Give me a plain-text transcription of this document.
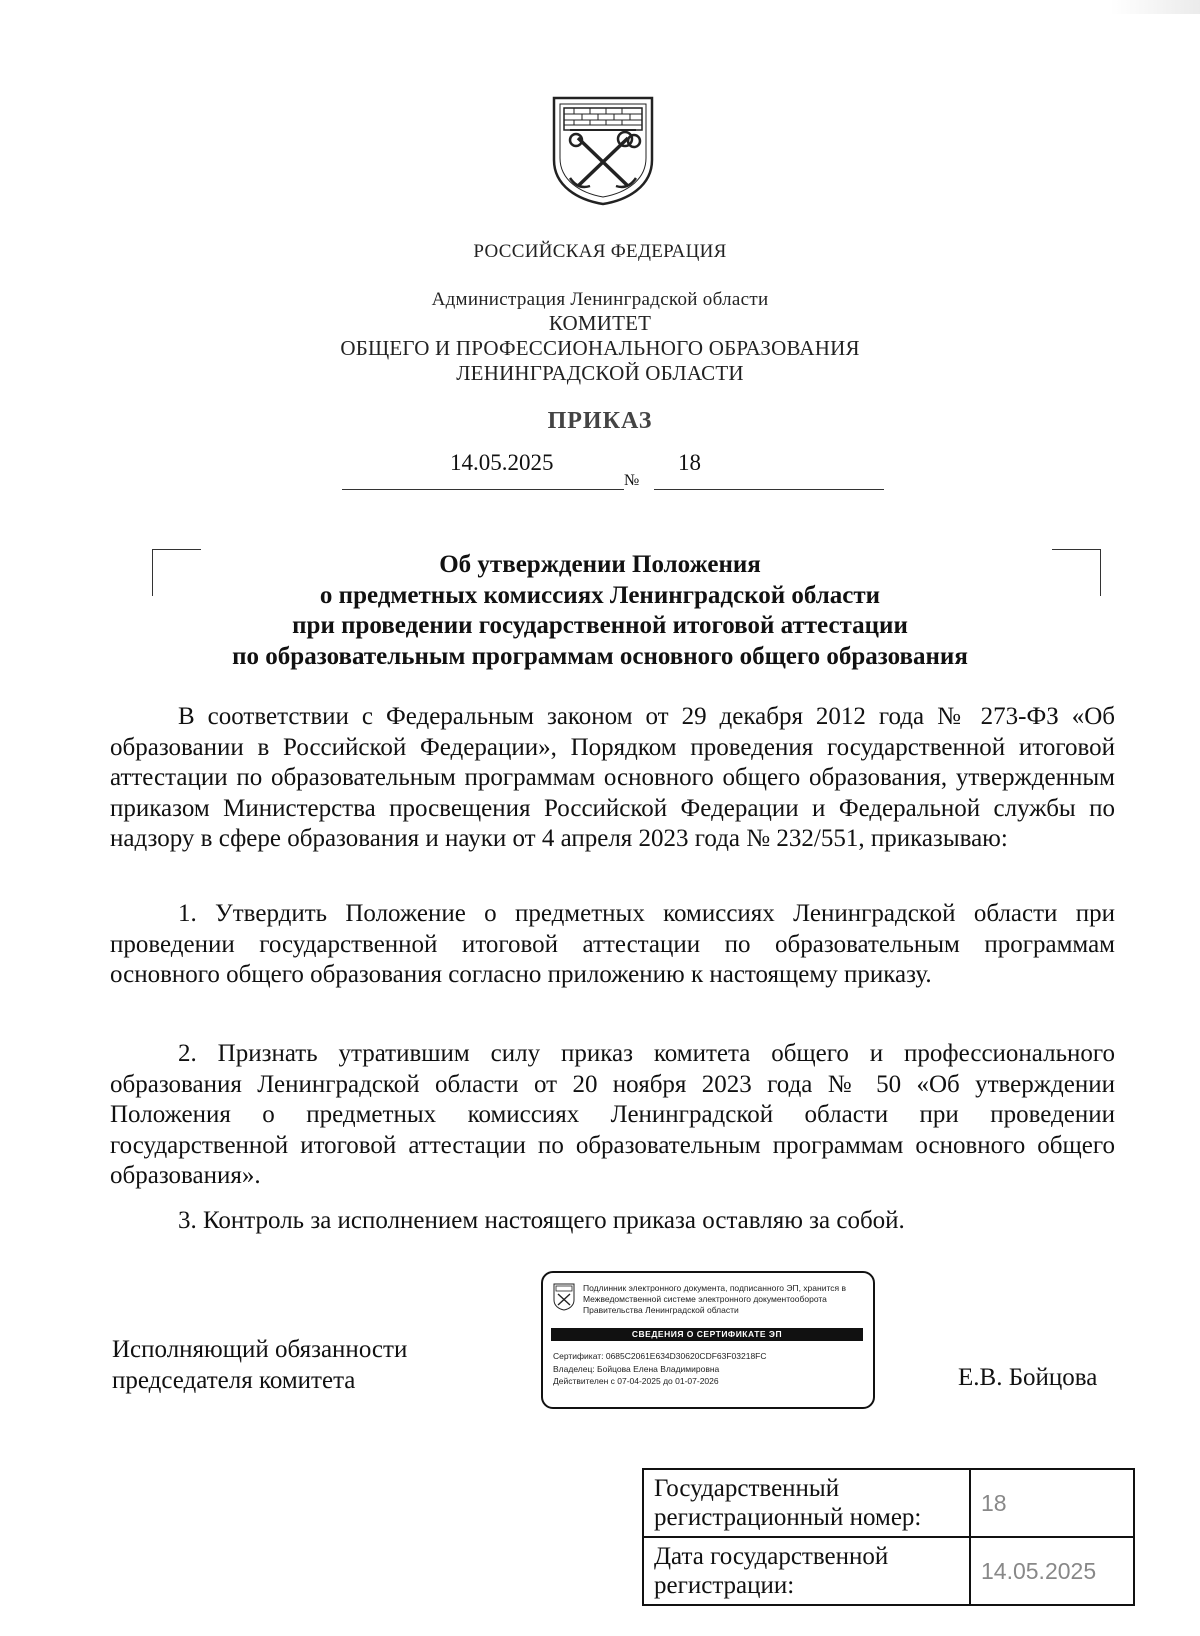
РОССИЙСКАЯ ФЕДЕРАЦИЯ
Администрация Ленинградской области
КОМИТЕТ
ОБЩЕГО И ПРОФЕССИОНАЛЬНОГО ОБРАЗОВАНИЯ
ЛЕНИНГРАДСКОЙ ОБЛАСТИ
ПРИКАЗ
14.05.2025
№
18
Об утверждении Положения
о предметных комиссиях Ленинградской области
при проведении государственной итоговой аттестации
по образовательным программам основного общего образования
В соответствии с Федеральным законом от 29 декабря 2012 года № 273-ФЗ «Об образовании в Российской Федерации», Порядком проведения государственной итоговой аттестации по образовательным программам основного общего образования, утвержденным приказом Министерства просвещения Российской Федерации и Федеральной службы по надзору в сфере образования и науки от 4 апреля 2023 года № 232/551, приказываю:
1. Утвердить Положение о предметных комиссиях Ленинградской области при проведении государственной итоговой аттестации по образовательным программам основного общего образования согласно приложению к настоящему приказу.
2. Признать утратившим силу приказ комитета общего и профессионального образования Ленинградской области от 20 ноября 2023 года № 50 «Об утверждении Положения о предметных комиссиях Ленинградской области при проведении государственной итоговой аттестации по образовательным программам основного общего образования».
3. Контроль за исполнением настоящего приказа оставляю за собой.
Исполняющий обязанности
председателя комитета
Подлинник электронного документа, подписанного ЭП, хранится в Межведомственной системе электронного документооборота Правительства Ленинградской области
СВЕДЕНИЯ О СЕРТИФИКАТЕ ЭП
Сертификат: 0685C2061E634D30620CDF63F03218FC
Владелец: Бойцова Елена Владимировна
Действителен с 07-04-2025 до 01-07-2026	Е.В. Бойцова
Государственный регистрационный номер:	18
Дата государственной регистрации:	14.05.2025
